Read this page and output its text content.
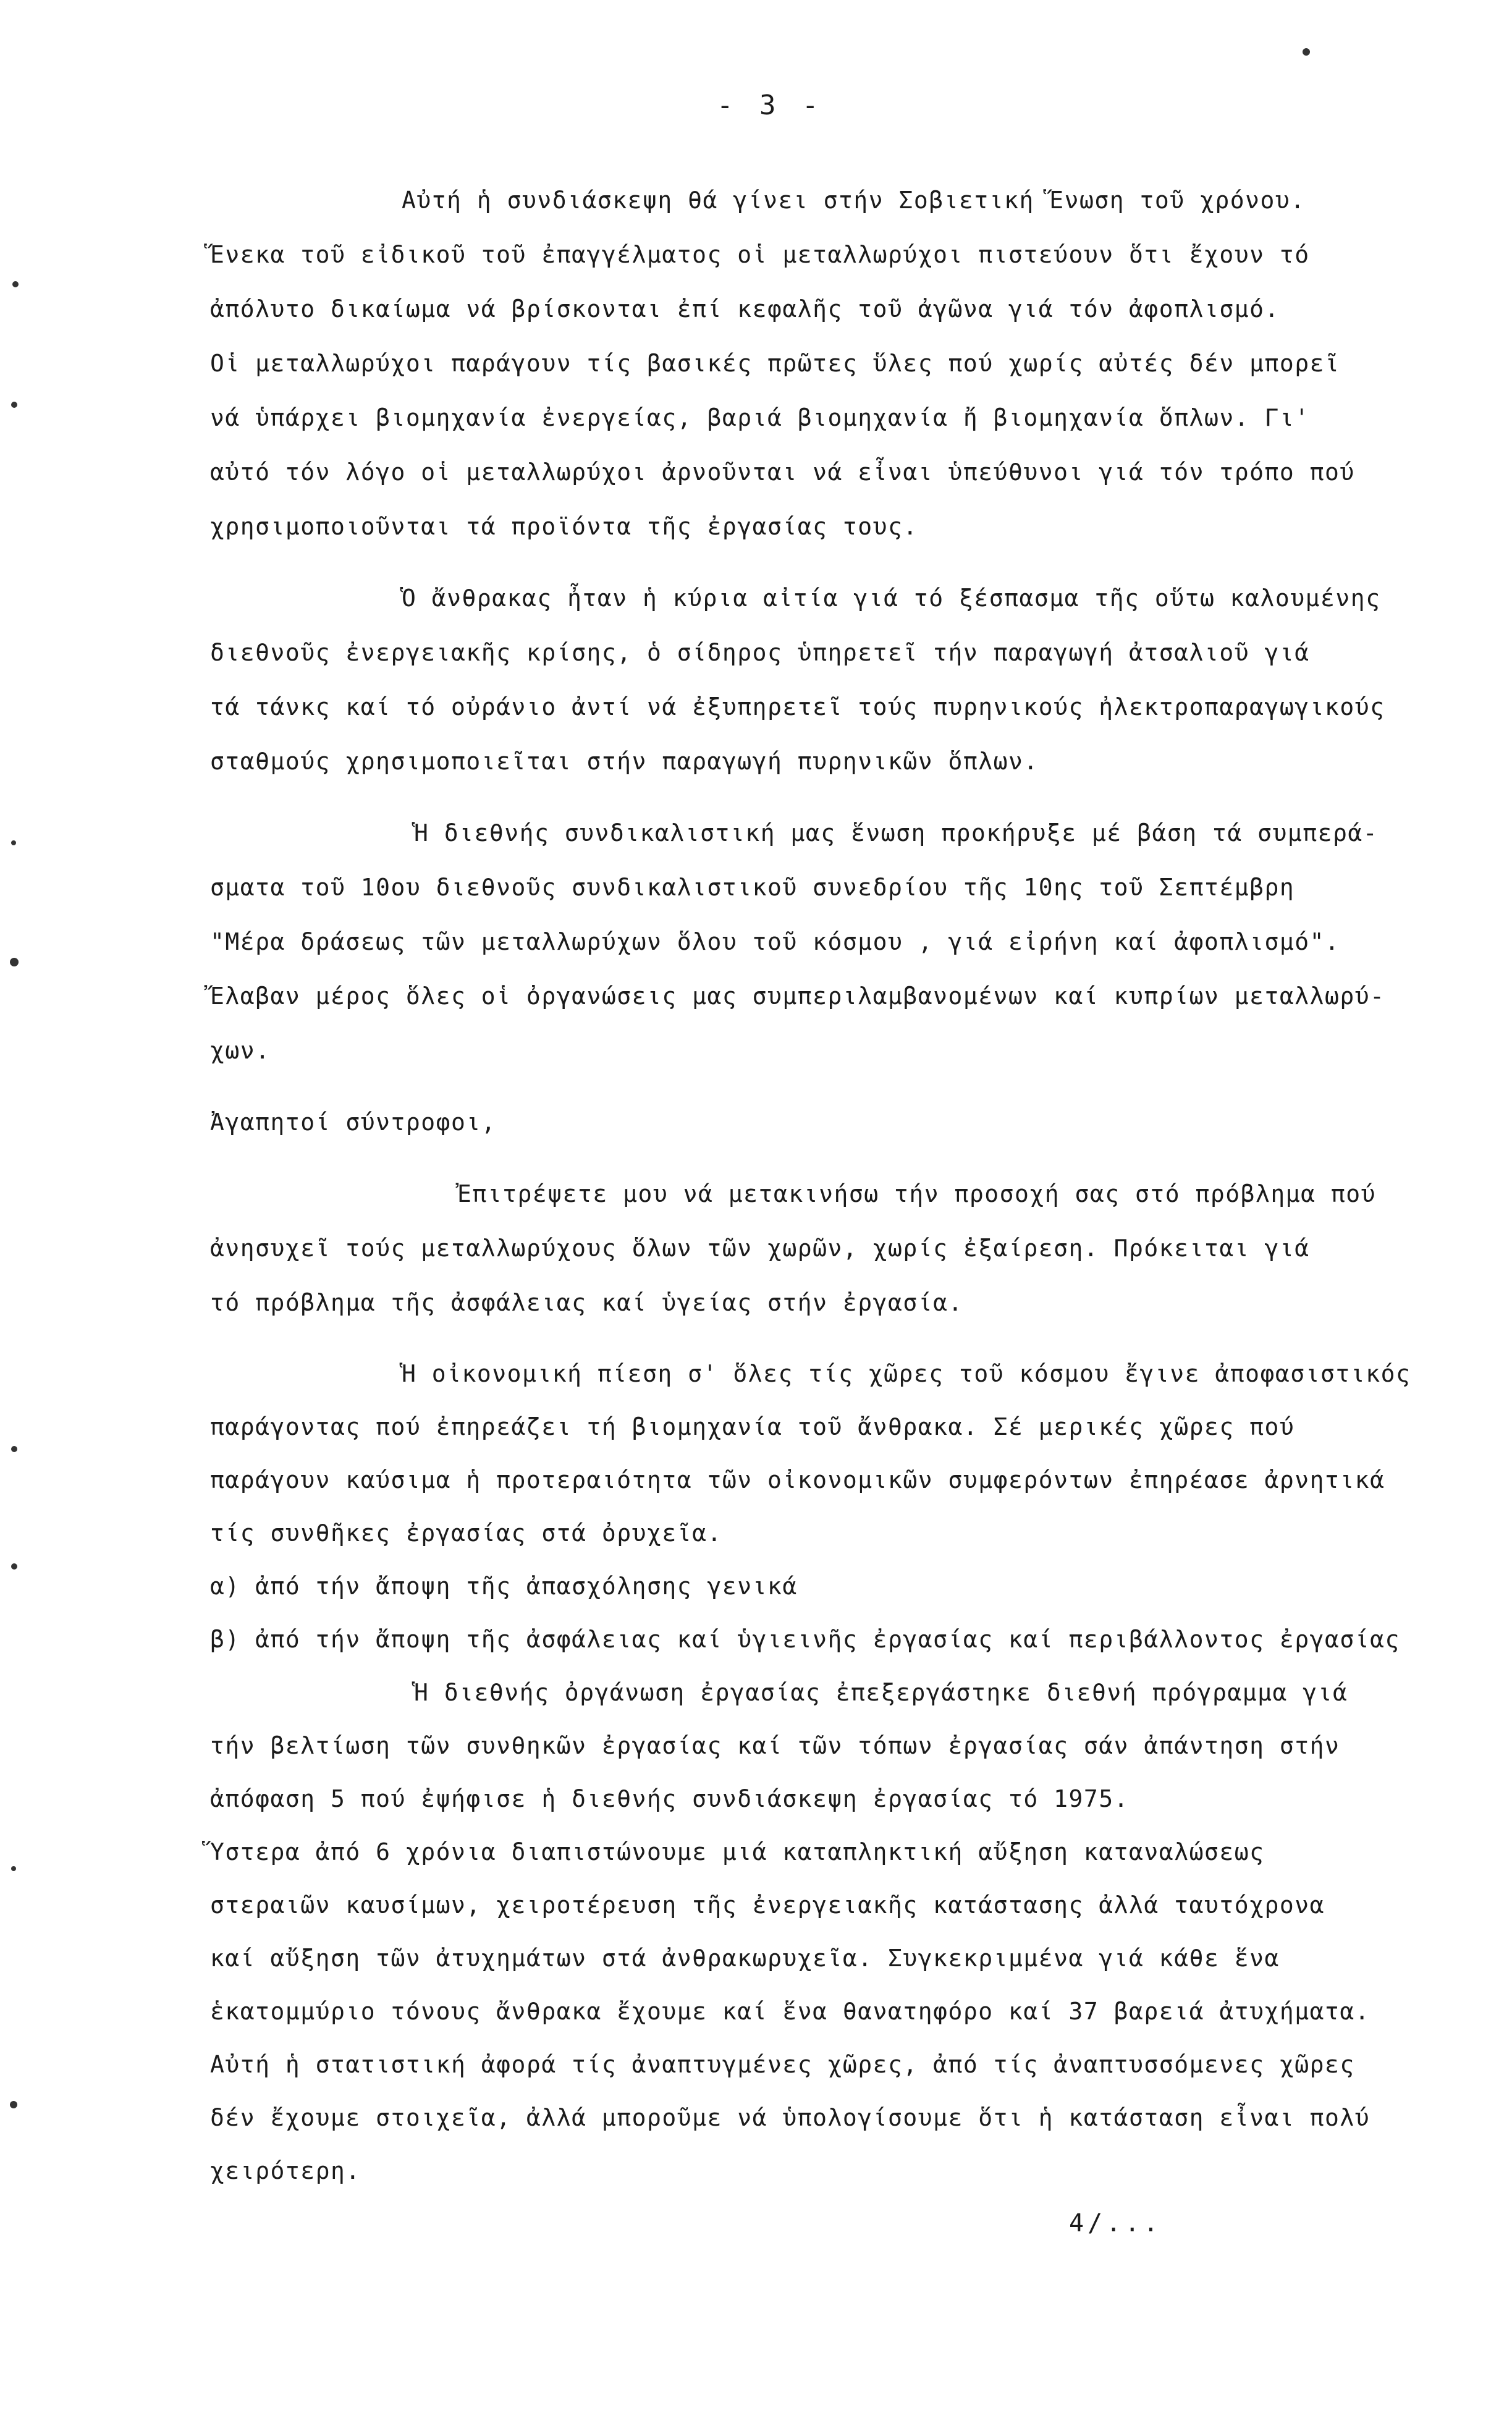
- 3 -
Αὐτή ἡ συνδιάσκεψη θά γίνει στήν Σοβιετική Ἕνωση τοῦ χρόνου.
Ἕνεκα τοῦ εἰδικοῦ τοῦ ἐπαγγέλματος οἱ μεταλλωρύχοι πιστεύουν ὅτι ἔχουν τό
ἀπόλυτο δικαίωμα νά βρίσκονται ἐπί κεφαλῆς τοῦ ἀγῶνα γιά τόν ἀφοπλισμό.
Οἱ μεταλλωρύχοι παράγουν τίς βασικές πρῶτες ὕλες πού χωρίς αὐτές δέν μπορεῖ
νά ὑπάρχει βιομηχανία ἐνεργείας, βαριά βιομηχανία ἤ βιομηχανία ὅπλων. Γι'
αὐτό τόν λόγο οἱ μεταλλωρύχοι ἀρνοῦνται νά εἶναι ὑπεύθυνοι γιά τόν τρόπο πού
χρησιμοποιοῦνται τά προϊόντα τῆς ἐργασίας τους.
Ὁ ἄνθρακας ἦταν ἡ κύρια αἰτία γιά τό ξέσπασμα τῆς οὕτω καλουμένης
διεθνοῦς ἐνεργειακῆς κρίσης, ὁ σίδηρος ὑπηρετεῖ τήν παραγωγή ἀτσαλιοῦ γιά
τά τάνκς καί τό οὐράνιο ἀντί νά ἐξυπηρετεῖ τούς πυρηνικούς ἠλεκτροπαραγωγικούς
σταθμούς χρησιμοποιεῖται στήν παραγωγή πυρηνικῶν ὅπλων.
Ἡ διεθνής συνδικαλιστική μας ἕνωση προκήρυξε μέ βάση τά συμπερά-
σματα τοῦ 10ου διεθνοῦς συνδικαλιστικοῦ συνεδρίου τῆς 10ης τοῦ Σεπτέμβρη
"Μέρα δράσεως τῶν μεταλλωρύχων ὅλου τοῦ κόσμου , γιά εἰρήνη καί ἀφοπλισμό".
Ἔλαβαν μέρος ὅλες οἱ ὀργανώσεις μας συμπεριλαμβανομένων καί κυπρίων μεταλλωρύ-
χων.
Ἀγαπητοί σύντροφοι,
Ἐπιτρέψετε μου νά μετακινήσω τήν προσοχή σας στό πρόβλημα πού
ἀνησυχεῖ τούς μεταλλωρύχους ὅλων τῶν χωρῶν, χωρίς ἐξαίρεση. Πρόκειται γιά
τό πρόβλημα τῆς ἀσφάλειας καί ὑγείας στήν ἐργασία.
Ἡ οἰκονομική πίεση σ' ὅλες τίς χῶρες τοῦ κόσμου ἔγινε ἀποφασιστικός
παράγοντας πού ἐπηρεάζει τή βιομηχανία τοῦ ἄνθρακα. Σέ μερικές χῶρες πού
παράγουν καύσιμα ἡ προτεραιότητα τῶν οἰκονομικῶν συμφερόντων ἐπηρέασε ἀρνητικά
τίς συνθῆκες ἐργασίας στά ὀρυχεῖα.
α) ἀπό τήν ἄποψη τῆς ἀπασχόλησης γενικά
β) ἀπό τήν ἄποψη τῆς ἀσφάλειας καί ὑγιεινῆς ἐργασίας καί περιβάλλοντος ἐργασίας
Ἡ διεθνής ὀργάνωση ἐργασίας ἐπεξεργάστηκε διεθνή πρόγραμμα γιά
τήν βελτίωση τῶν συνθηκῶν ἐργασίας καί τῶν τόπων ἐργασίας σάν ἀπάντηση στήν
ἀπόφαση 5 πού ἐψήφισε ἡ διεθνής συνδιάσκεψη ἐργασίας τό 1975.
Ὕστερα ἀπό 6 χρόνια διαπιστώνουμε μιά καταπληκτική αὔξηση καταναλώσεως
στεραιῶν καυσίμων, χειροτέρευση τῆς ἐνεργειακῆς κατάστασης ἀλλά ταυτόχρονα
καί αὔξηση τῶν ἀτυχημάτων στά ἀνθρακωρυχεῖα. Συγκεκριμμένα γιά κάθε ἕνα
ἑκατομμύριο τόνους ἄνθρακα ἔχουμε καί ἕνα θανατηφόρο καί 37 βαρειά ἀτυχήματα.
Αὐτή ἡ στατιστική ἀφορά τίς ἀναπτυγμένες χῶρες, ἀπό τίς ἀναπτυσσόμενες χῶρες
δέν ἔχουμε στοιχεῖα, ἀλλά μποροῦμε νά ὑπολογίσουμε ὅτι ἡ κατάσταση εἶναι πολύ
χειρότερη.
4/...
